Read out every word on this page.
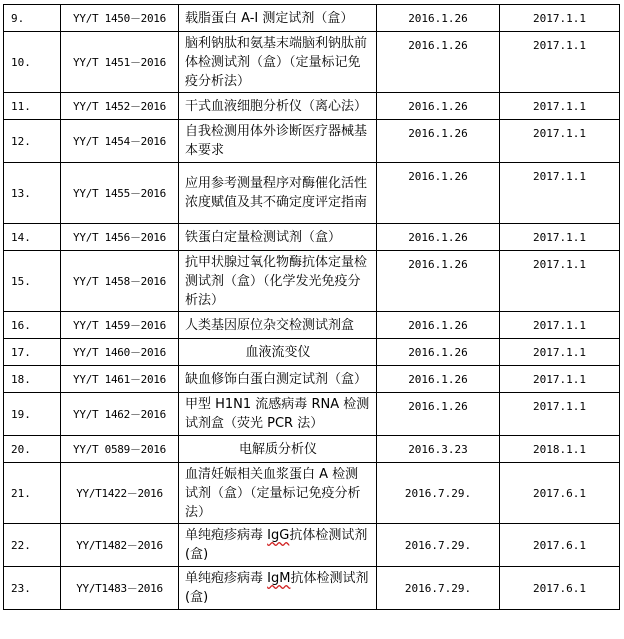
9.	YY/T 1450－2016	载脂蛋白 A-I 测定试剂（盒）	2016.1.26	2017.1.1
10.	YY/T 1451－2016	脑利钠肽和氨基末端脑利钠肽前体检测试剂（盒）（定量标记免疫分析法）	2016.1.26	2017.1.1
11.	YY/T 1452－2016	干式血液细胞分析仪（离心法）	2016.1.26	2017.1.1
12.	YY/T 1454－2016	自我检测用体外诊断医疗器械基本要求	2016.1.26	2017.1.1
13.	YY/T 1455－2016	应用参考测量程序对酶催化活性浓度赋值及其不确定度评定指南	2016.1.26	2017.1.1
14.	YY/T 1456－2016	铁蛋白定量检测试剂（盒）	2016.1.26	2017.1.1
15.	YY/T 1458－2016	抗甲状腺过氧化物酶抗体定量检测试剂（盒）（化学发光免疫分析法）	2016.1.26	2017.1.1
16.	YY/T 1459－2016	人类基因原位杂交检测试剂盒	2016.1.26	2017.1.1
17.	YY/T 1460－2016	血液流变仪	2016.1.26	2017.1.1
18.	YY/T 1461－2016	缺血修饰白蛋白测定试剂（盒）	2016.1.26	2017.1.1
19.	YY/T 1462－2016	甲型 H1N1 流感病毒 RNA 检测试剂盒（荧光 PCR 法）	2016.1.26	2017.1.1
20.	YY/T 0589－2016	电解质分析仪	2016.3.23	2018.1.1
21.	YY/T1422－2016	血清妊娠相关血浆蛋白 A 检测试剂（盒）（定量标记免疫分析法）	2016.7.29.	2017.6.1
22.	YY/T1482－2016	单纯疱疹病毒 IgG抗体检测试剂(盒)	2016.7.29.	2017.6.1
23.	YY/T1483－2016	单纯疱疹病毒 IgM抗体检测试剂(盒)	2016.7.29.	2017.6.1
